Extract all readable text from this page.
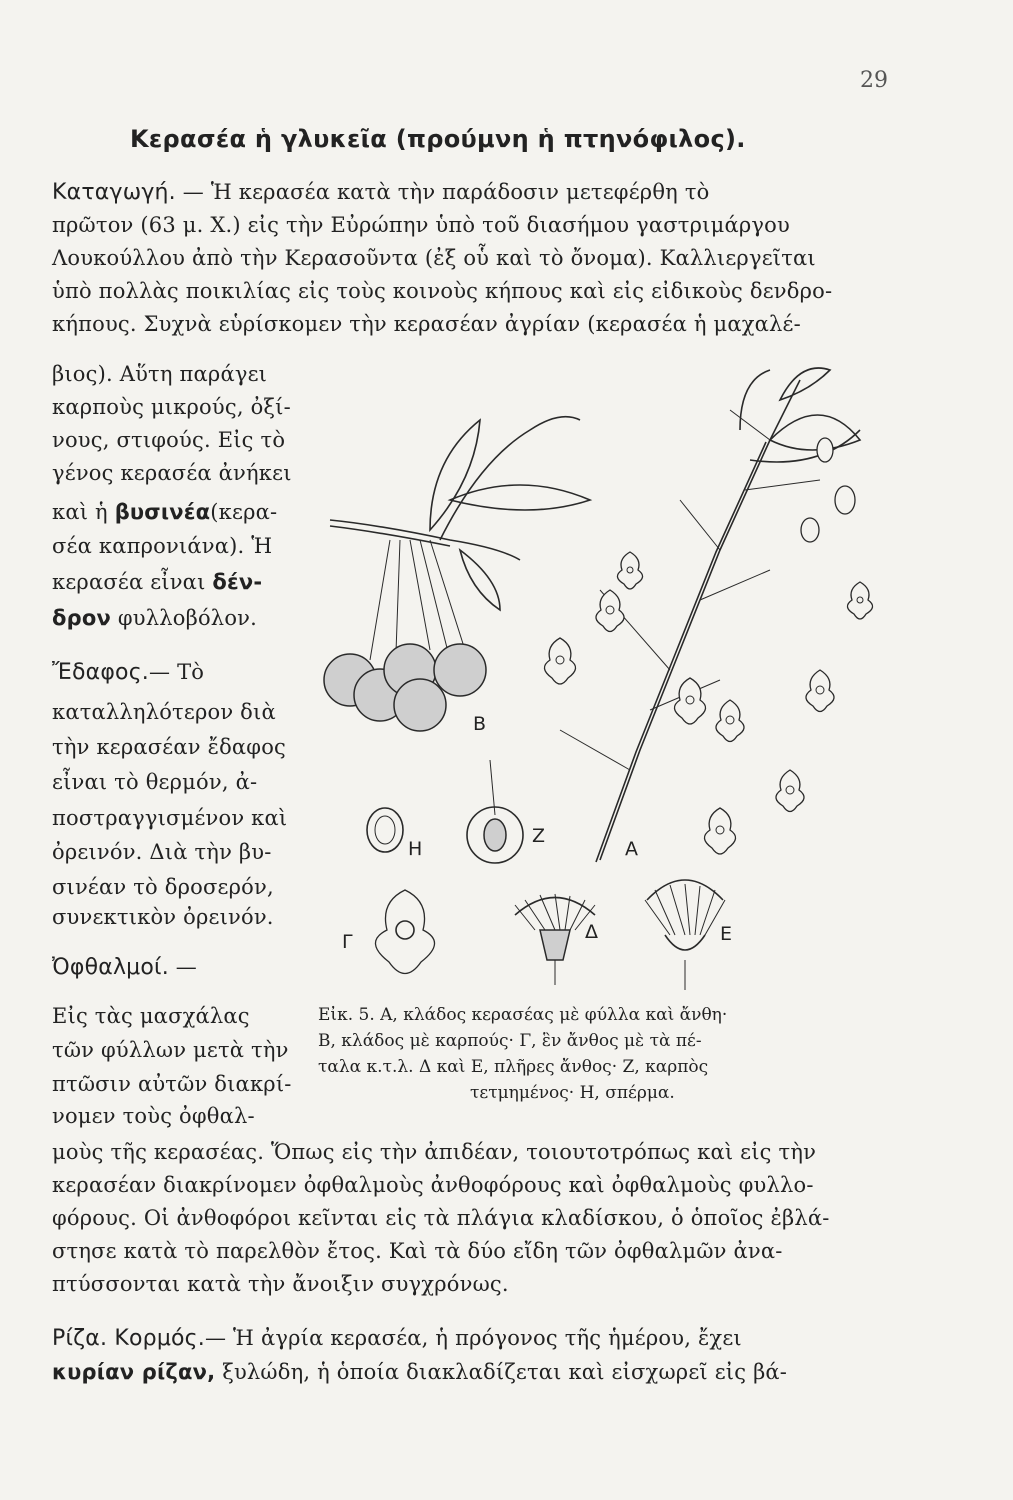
29
Κερασέα ἡ γλυκεῖα (προύμνη ἡ πτηνόφιλος).
Καταγωγή. — Ἡ κερασέα κατὰ τὴν παράδοσιν μετεφέρθη τὸ
πρῶτον (63 μ. Χ.) εἰς τὴν Εὐρώπην ὑπὸ τοῦ διασήμου γαστριμάργου
Λουκούλλου ἀπὸ τὴν Κερασοῦντα (ἐξ οὗ καὶ τὸ ὄνομα). Καλλιεργεῖται
ὑπὸ πολλὰς ποικιλίας εἰς τοὺς κοινοὺς κήπους καὶ εἰς εἰδικοὺς δενδρο-
κήπους. Συχνὰ εὑρίσκομεν τὴν κερασέαν ἀγρίαν (κερασέα ἡ μαχαλέ-
βιος). Αὕτη παράγει
καρποὺς μικρούς, ὀξί-
νους, στιφούς. Εἰς τὸ
γένος κερασέα ἀνήκει
καὶ ἡ βυσινέα(κερα-
σέα καπρονιάνα). Ἡ
κερασέα εἶναι δέν-
δρον φυλλοβόλον.
Ἔδαφος.— Τὸ
καταλληλότερον διὰ
τὴν κερασέαν ἔδαφος
εἶναι τὸ θερμόν, ἀ-
ποστραγγισμένον καὶ
ὀρεινόν. Διὰ τὴν βυ-
σινέαν τὸ δροσερόν,
συνεκτικὸν ὀρεινόν.
Ὀφθαλμοί. —
Εἰς τὰς μασχάλας
τῶν φύλλων μετὰ τὴν
πτῶσιν αὐτῶν διακρί-
νομεν τοὺς ὀφθαλ-
μοὺς τῆς κερασέας. Ὅπως εἰς τὴν ἀπιδέαν, τοιουτοτρόπως καὶ εἰς τὴν
κερασέαν διακρίνομεν ὀφθαλμοὺς ἀνθοφόρους καὶ ὀφθαλμοὺς φυλλο-
φόρους. Οἱ ἀνθοφόροι κεῖνται εἰς τὰ πλάγια κλαδίσκου, ὁ ὁποῖος ἐβλά-
στησε κατὰ τὸ παρελθὸν ἔτος. Καὶ τὰ δύο εἴδη τῶν ὀφθαλμῶν ἀνα-
πτύσσονται κατὰ τὴν ἄνοιξιν συγχρόνως.
Ρίζα. Κορμός.— Ἡ ἀγρία κερασέα, ἡ πρόγονος τῆς ἡμέρου, ἔχει
κυρίαν ρίζαν, ξυλώδη, ἡ ὁποία διακλαδίζεται καὶ εἰσχωρεῖ εἰς βά-
Εἰκ. 5. Α, κλάδος κερασέας μὲ φύλλα καὶ ἄνθη·
Β, κλάδος μὲ καρπούς· Γ, ἓν ἄνθος μὲ τὰ πέ-
ταλα κ.τ.λ. Δ καὶ Ε, πλῆρες ἄνθος· Ζ, καρπὸς
τετμημένος· Η, σπέρμα.
Β
Α
Ζ
Η
Γ	Δ	Ε
